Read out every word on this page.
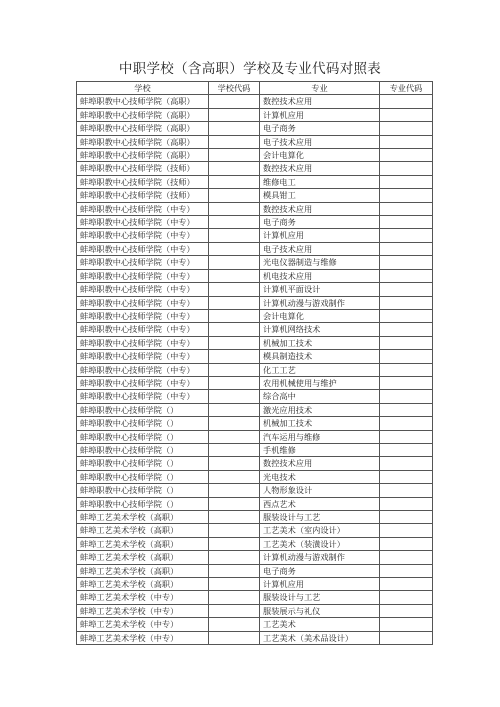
中职学校（含高职）学校及专业代码对照表
学校	学校代码	专业	专业代码
蚌埠职教中心技师学院（高职）		数控技术应用	
蚌埠职教中心技师学院（高职）		计算机应用	
蚌埠职教中心技师学院（高职）		电子商务	
蚌埠职教中心技师学院（高职）		电子技术应用	
蚌埠职教中心技师学院（高职）		会计电算化	
蚌埠职教中心技师学院（技师）		数控技术应用	
蚌埠职教中心技师学院（技师）		维修电工	
蚌埠职教中心技师学院（技师）		模具钳工	
蚌埠职教中心技师学院（中专）		数控技术应用	
蚌埠职教中心技师学院（中专）		电子商务	
蚌埠职教中心技师学院（中专）		计算机应用	
蚌埠职教中心技师学院（中专）		电子技术应用	
蚌埠职教中心技师学院（中专）		光电仪器制造与维修	
蚌埠职教中心技师学院（中专）		机电技术应用	
蚌埠职教中心技师学院（中专）		计算机平面设计	
蚌埠职教中心技师学院（中专）		计算机动漫与游戏制作	
蚌埠职教中心技师学院（中专）		会计电算化	
蚌埠职教中心技师学院（中专）		计算机网络技术	
蚌埠职教中心技师学院（中专）		机械加工技术	
蚌埠职教中心技师学院（中专）		模具制造技术	
蚌埠职教中心技师学院（中专）		化工工艺	
蚌埠职教中心技师学院（中专）		农用机械使用与维护	
蚌埠职教中心技师学院（中专）		综合高中	
蚌埠职教中心技师学院（）		激光应用技术	
蚌埠职教中心技师学院（）		机械加工技术	
蚌埠职教中心技师学院（）		汽车运用与维修	
蚌埠职教中心技师学院（）		手机维修	
蚌埠职教中心技师学院（）		数控技术应用	
蚌埠职教中心技师学院（）		光电技术	
蚌埠职教中心技师学院（）		人物形象设计	
蚌埠职教中心技师学院（）		西点艺术	
蚌埠工艺美术学校（高职）		服装设计与工艺	
蚌埠工艺美术学校（高职）		工艺美术（室内设计）	
蚌埠工艺美术学校（高职）		工艺美术（装潢设计）	
蚌埠工艺美术学校（高职）		计算机动漫与游戏制作	
蚌埠工艺美术学校（高职）		电子商务	
蚌埠工艺美术学校（高职）		计算机应用	
蚌埠工艺美术学校（中专）		服装设计与工艺	
蚌埠工艺美术学校（中专）		服装展示与礼仪	
蚌埠工艺美术学校（中专）		工艺美术	
蚌埠工艺美术学校（中专）		工艺美术（美术品设计）	
